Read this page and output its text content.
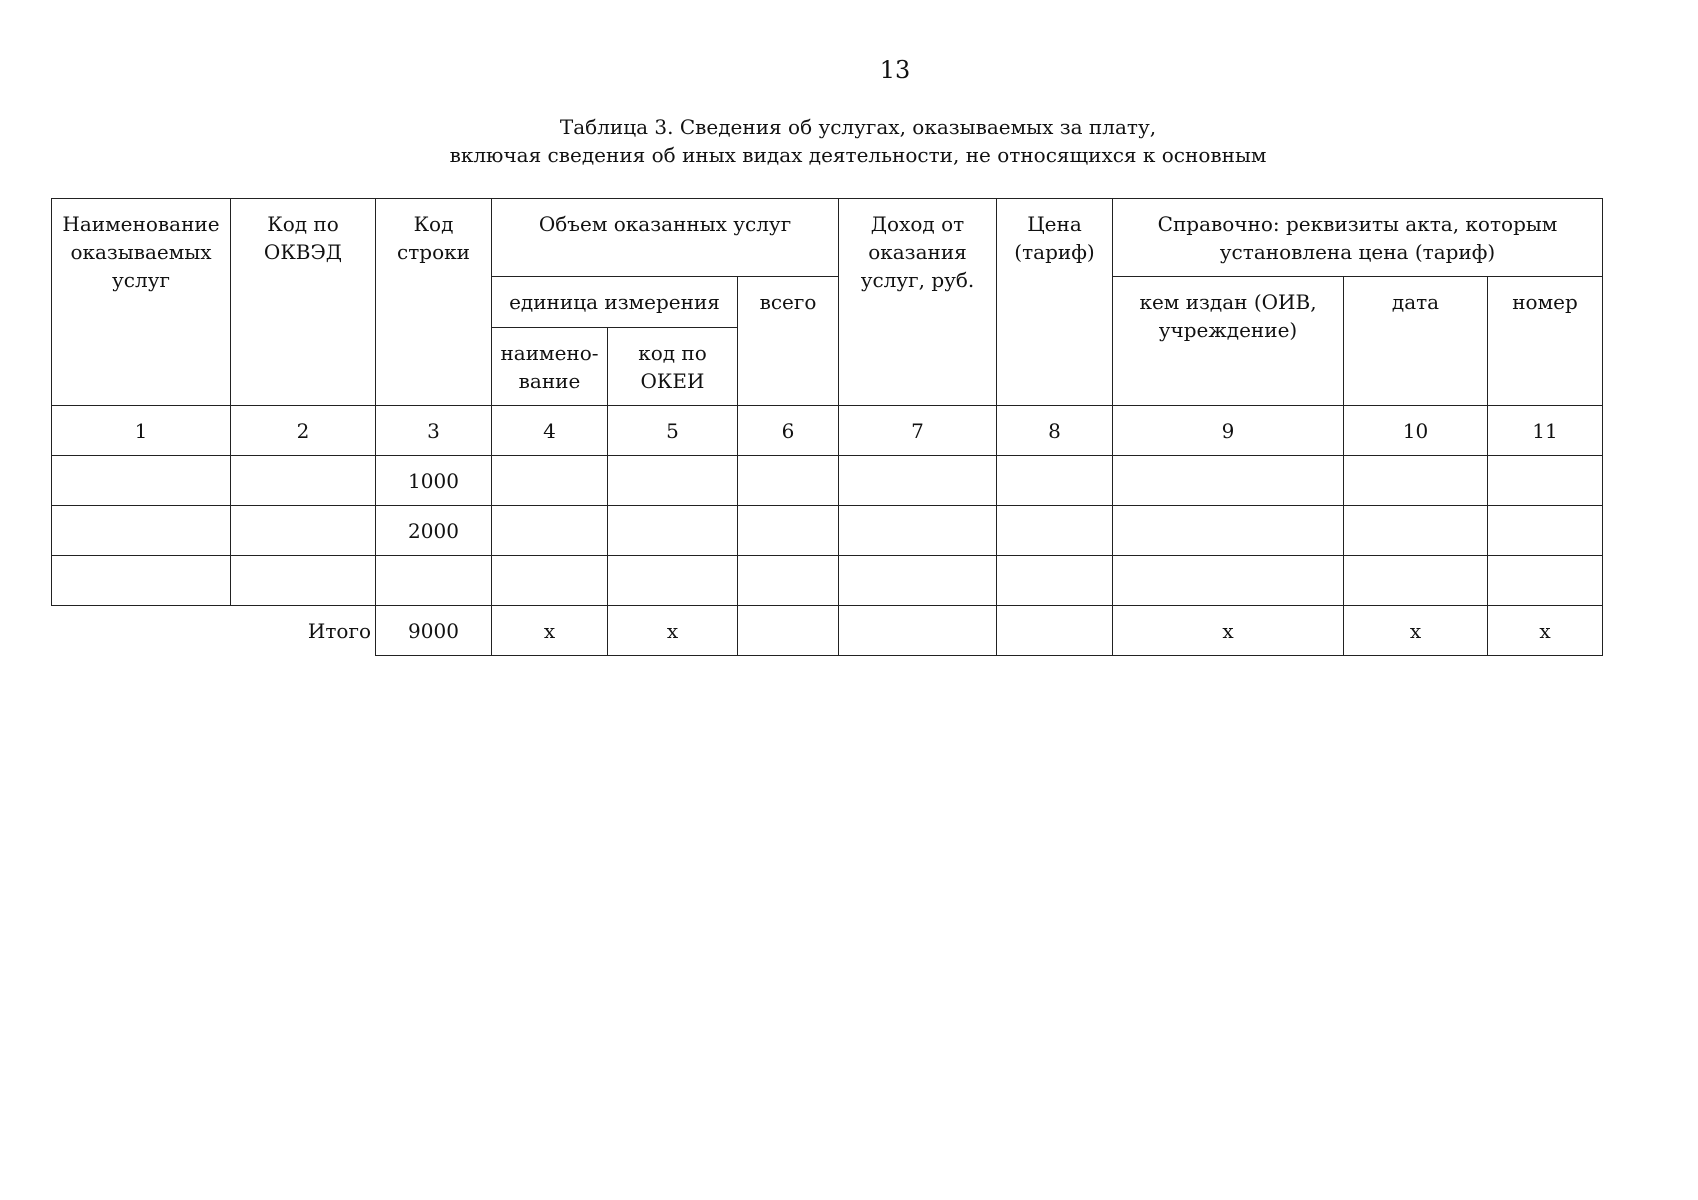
13
Таблица 3. Сведения об услугах, оказываемых за плату,
включая сведения об иных видах деятельности, не относящихся к основным
Наименование оказываемых услуг	Код по ОКВЭД	Код строки	Объем оказанных услуг			Доход от оказания услуг, руб.	Цена (тариф)	Справочно: реквизиты акта, которым установлена цена (тариф)		
			единица измерения		всего			кем издан (ОИВ, учреждение)	дата	номер
			наимено-вание	код по ОКЕИ						
1	2	3	4	5	6	7	8	9	10	11
		1000								
		2000								

Итого		9000	x	x				x	x	x
